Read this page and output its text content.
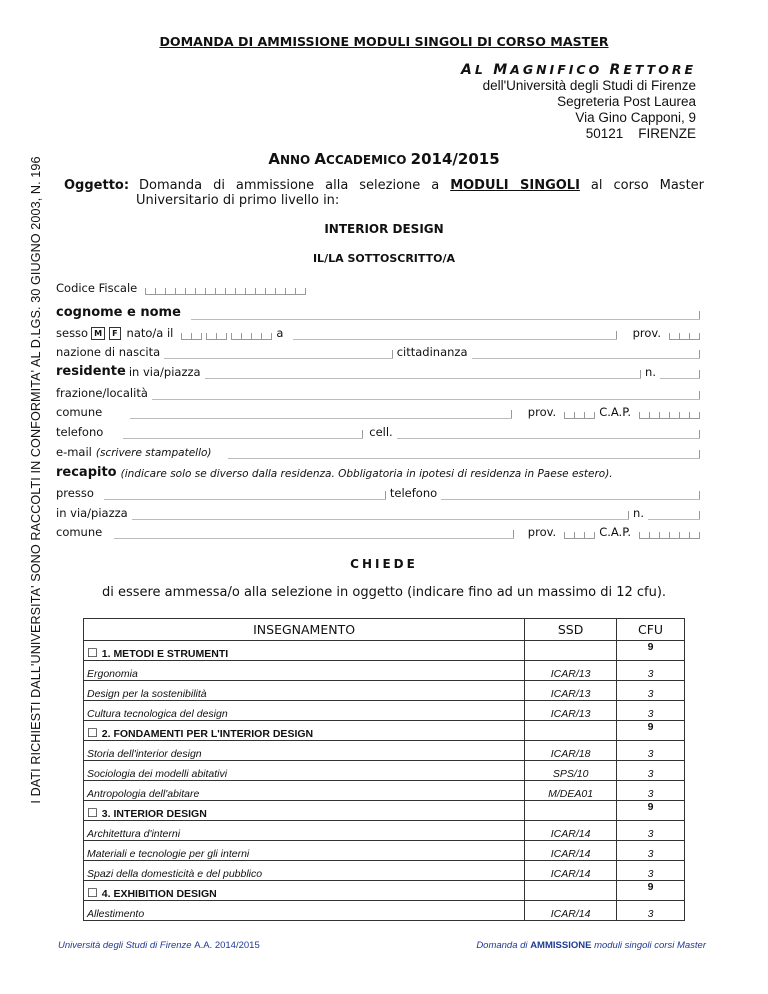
I DATI RICHIESTI DALL'UNIVERSITA' SONO RACCOLTI IN CONFORMITA' AL D.LGS. 30 GIUGNO 2003, N. 196
DOMANDA DI AMMISSIONE MODULI SINGOLI DI CORSO MASTER
AL MAGNIFICO RETTORE
dell'Università degli Studi di Firenze
Segreteria Post Laurea
Via Gino Capponi, 9
50121    FIRENZE
ANNO ACCADEMICO 2014/2015
Oggetto: Domanda di ammissione alla selezione a MODULI SINGOLI al corso Master
Universitario di primo livello in:
INTERIOR DESIGN
IL/LA SOTTOSCRITTO/A
Codice Fiscale
cognome e nome
sesso M	F nato/a il	a	prov.
nazione di nascita	cittadinanza
residente in via/piazza	n.
frazione/località
comune	prov.	C.A.P.
telefono	cell.
e-mail (scrivere stampatello)
recapito (indicare solo se diverso dalla residenza. Obbligatoria in ipotesi di residenza in Paese estero).
presso	telefono
in via/piazza	n.
comune	prov.	C.A.P.
CHIEDE
di essere ammessa/o alla selezione in oggetto (indicare fino ad un massimo di 12 cfu).
INSEGNAMENTO	SSD	CFU
☐ 1. METODI E STRUMENTI		9
Ergonomia	ICAR/13	3
Design per la sostenibilità	ICAR/13	3
Cultura tecnologica del design	ICAR/13	3
☐ 2. FONDAMENTI PER L'INTERIOR DESIGN		9
Storia dell'interior design	ICAR/18	3
Sociologia dei modelli abitativi	SPS/10	3
Antropologia dell'abitare	M/DEA01	3
☐ 3. INTERIOR DESIGN		9
Architettura d'interni	ICAR/14	3
Materiali e tecnologie per gli interni	ICAR/14	3
Spazi della domesticità e del pubblico	ICAR/14	3
☐ 4. EXHIBITION DESIGN		9
Allestimento	ICAR/14	3
Università degli Studi di Firenze A.A. 2014/2015	Domanda di AMMISSIONE moduli singoli corsi Master
